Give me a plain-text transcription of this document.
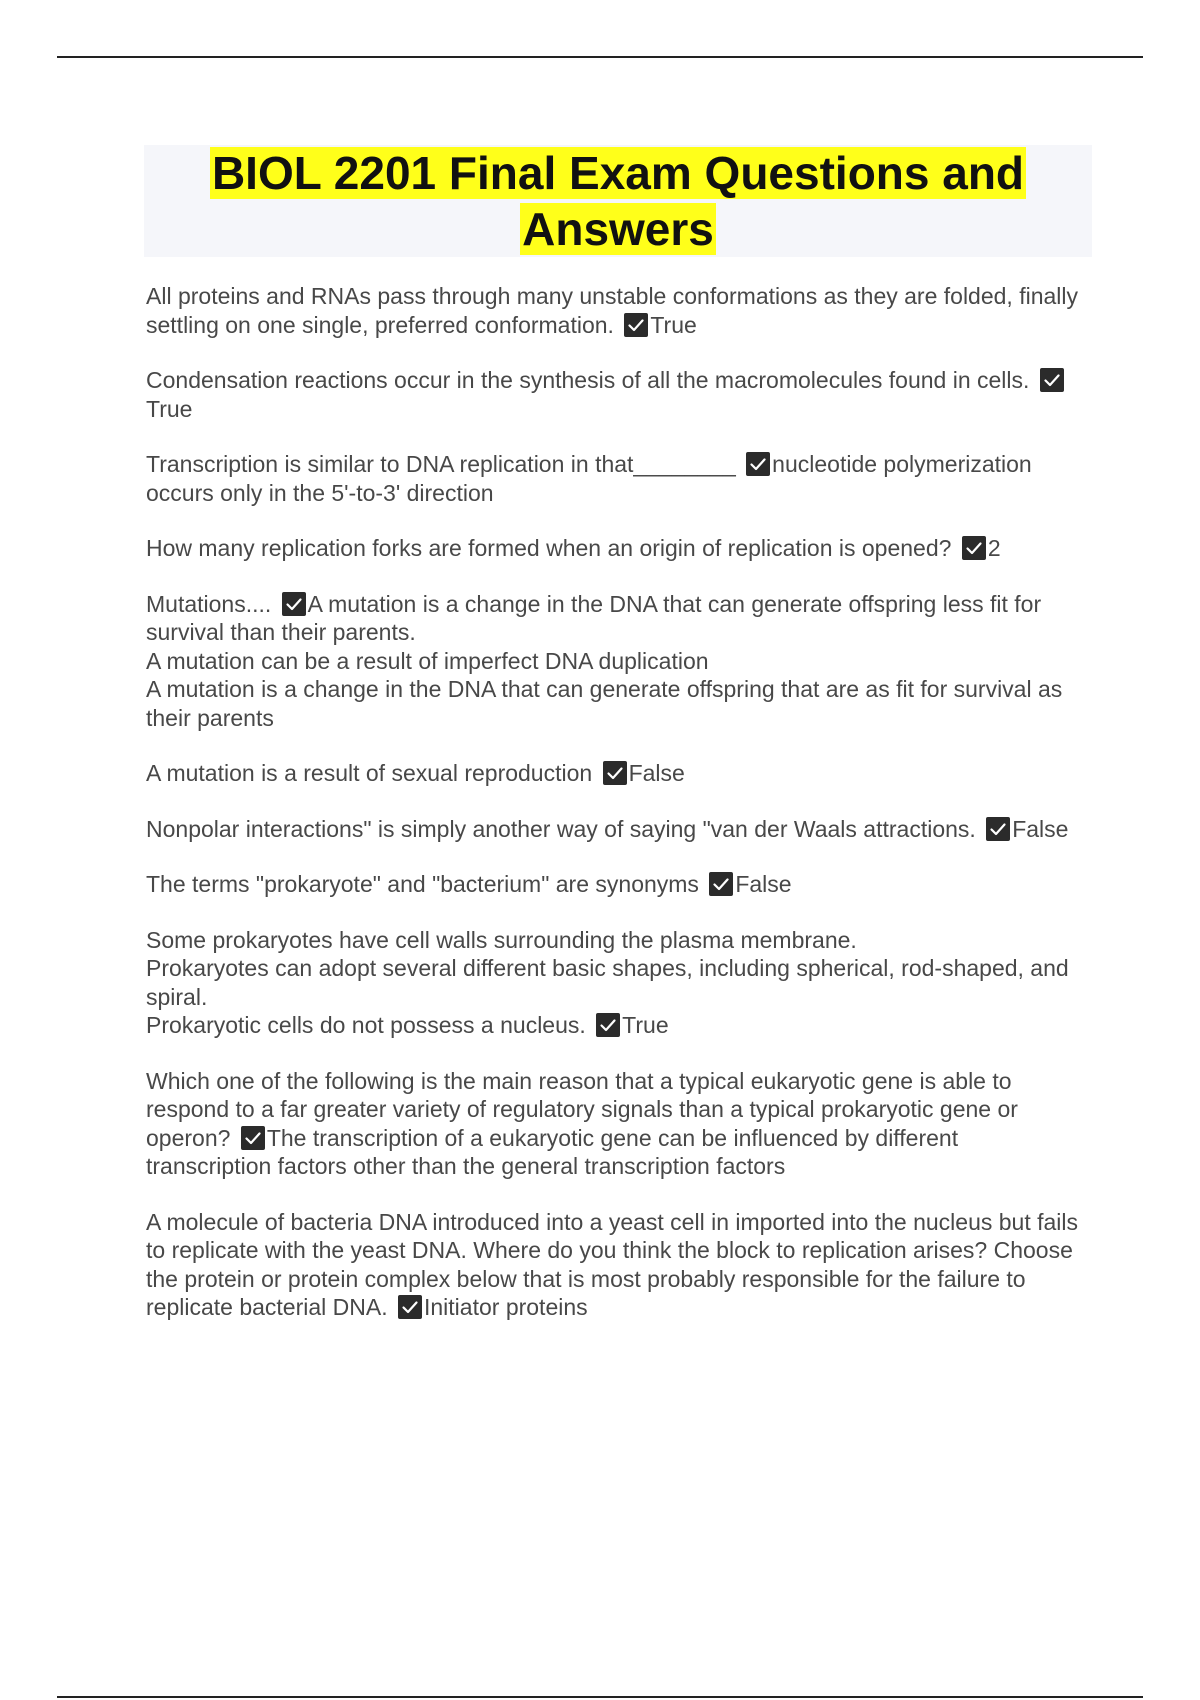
BIOL 2201 Final Exam Questions and Answers

All proteins and RNAs pass through many unstable conformations as they are folded, finally settling on one single, preferred conformation. True

Condensation reactions occur in the synthesis of all the macromolecules found in cells.
True

Transcription is similar to DNA replication in that________ nucleotide polymerization occurs only in the 5'-to-3' direction

How many replication forks are formed when an origin of replication is opened? 2

Mutations.... A mutation is a change in the DNA that can generate offspring less fit for survival than their parents.
A mutation can be a result of imperfect DNA duplication
A mutation is a change in the DNA that can generate offspring that are as fit for survival as their parents

A mutation is a result of sexual reproduction False

Nonpolar interactions" is simply another way of saying "van der Waals attractions. False

The terms "prokaryote" and "bacterium" are synonyms False

Some prokaryotes have cell walls surrounding the plasma membrane.
Prokaryotes can adopt several different basic shapes, including spherical, rod-shaped, and spiral.
Prokaryotic cells do not possess a nucleus. True

Which one of the following is the main reason that a typical eukaryotic gene is able to respond to a far greater variety of regulatory signals than a typical prokaryotic gene or operon? The transcription of a eukaryotic gene can be influenced by different transcription factors other than the general transcription factors

A molecule of bacteria DNA introduced into a yeast cell in imported into the nucleus but fails to replicate with the yeast DNA. Where do you think the block to replication arises? Choose the protein or protein complex below that is most probably responsible for the failure to replicate bacterial DNA. Initiator proteins
